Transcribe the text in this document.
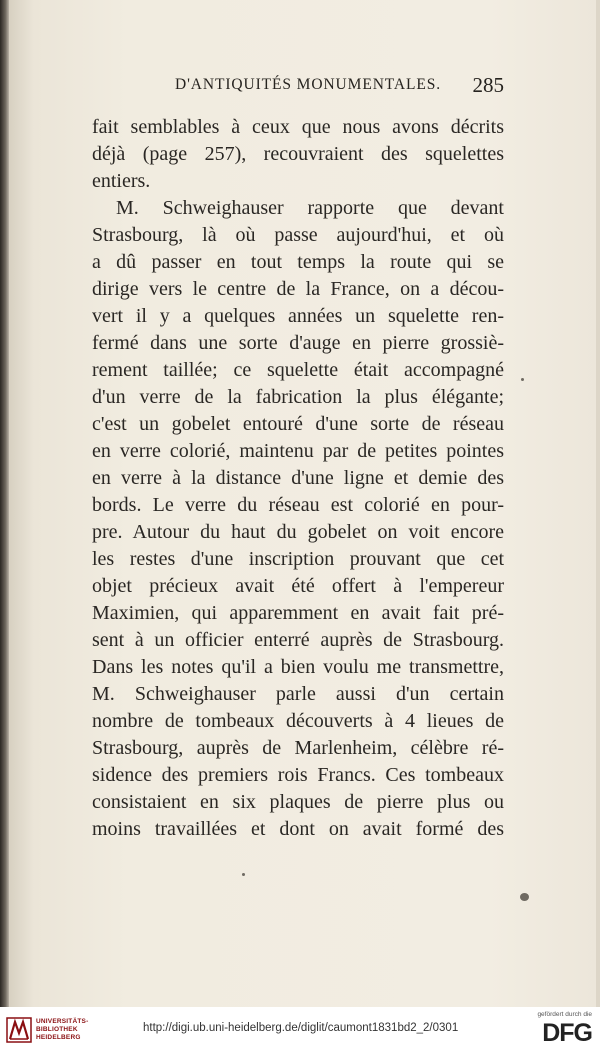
D'ANTIQUITÉS MONUMENTALES. 285
fait semblables à ceux que nous avons décrits
déjà (page 257), recouvraient des squelettes
entiers.
M. Schweighauser rapporte que devant
Strasbourg, là où passe aujourd'hui, et où
a dû passer en tout temps la route qui se
dirige vers le centre de la France, on a décou-
vert il y a quelques années un squelette ren-
fermé dans une sorte d'auge en pierre grossiè-
rement taillée; ce squelette était accompagné
d'un verre de la fabrication la plus élégante;
c'est un gobelet entouré d'une sorte de réseau
en verre colorié, maintenu par de petites pointes
en verre à la distance d'une ligne et demie des
bords. Le verre du réseau est colorié en pour-
pre. Autour du haut du gobelet on voit encore
les restes d'une inscription prouvant que cet
objet précieux avait été offert à l'empereur
Maximien, qui apparemment en avait fait pré-
sent à un officier enterré auprès de Strasbourg.
Dans les notes qu'il a bien voulu me transmettre,
M. Schweighauser parle aussi d'un certain
nombre de tombeaux découverts à 4 lieues de
Strasbourg, auprès de Marlenheim, célèbre ré-
sidence des premiers rois Francs. Ces tombeaux
consistaient en six plaques de pierre plus ou
moins travaillées et dont on avait formé des
UNIVERSITÄTS-
BIBLIOTHEK
HEIDELBERG
http://digi.ub.uni-heidelberg.de/diglit/caumont1831bd2_2/0301
gefördert durch die
DFG
